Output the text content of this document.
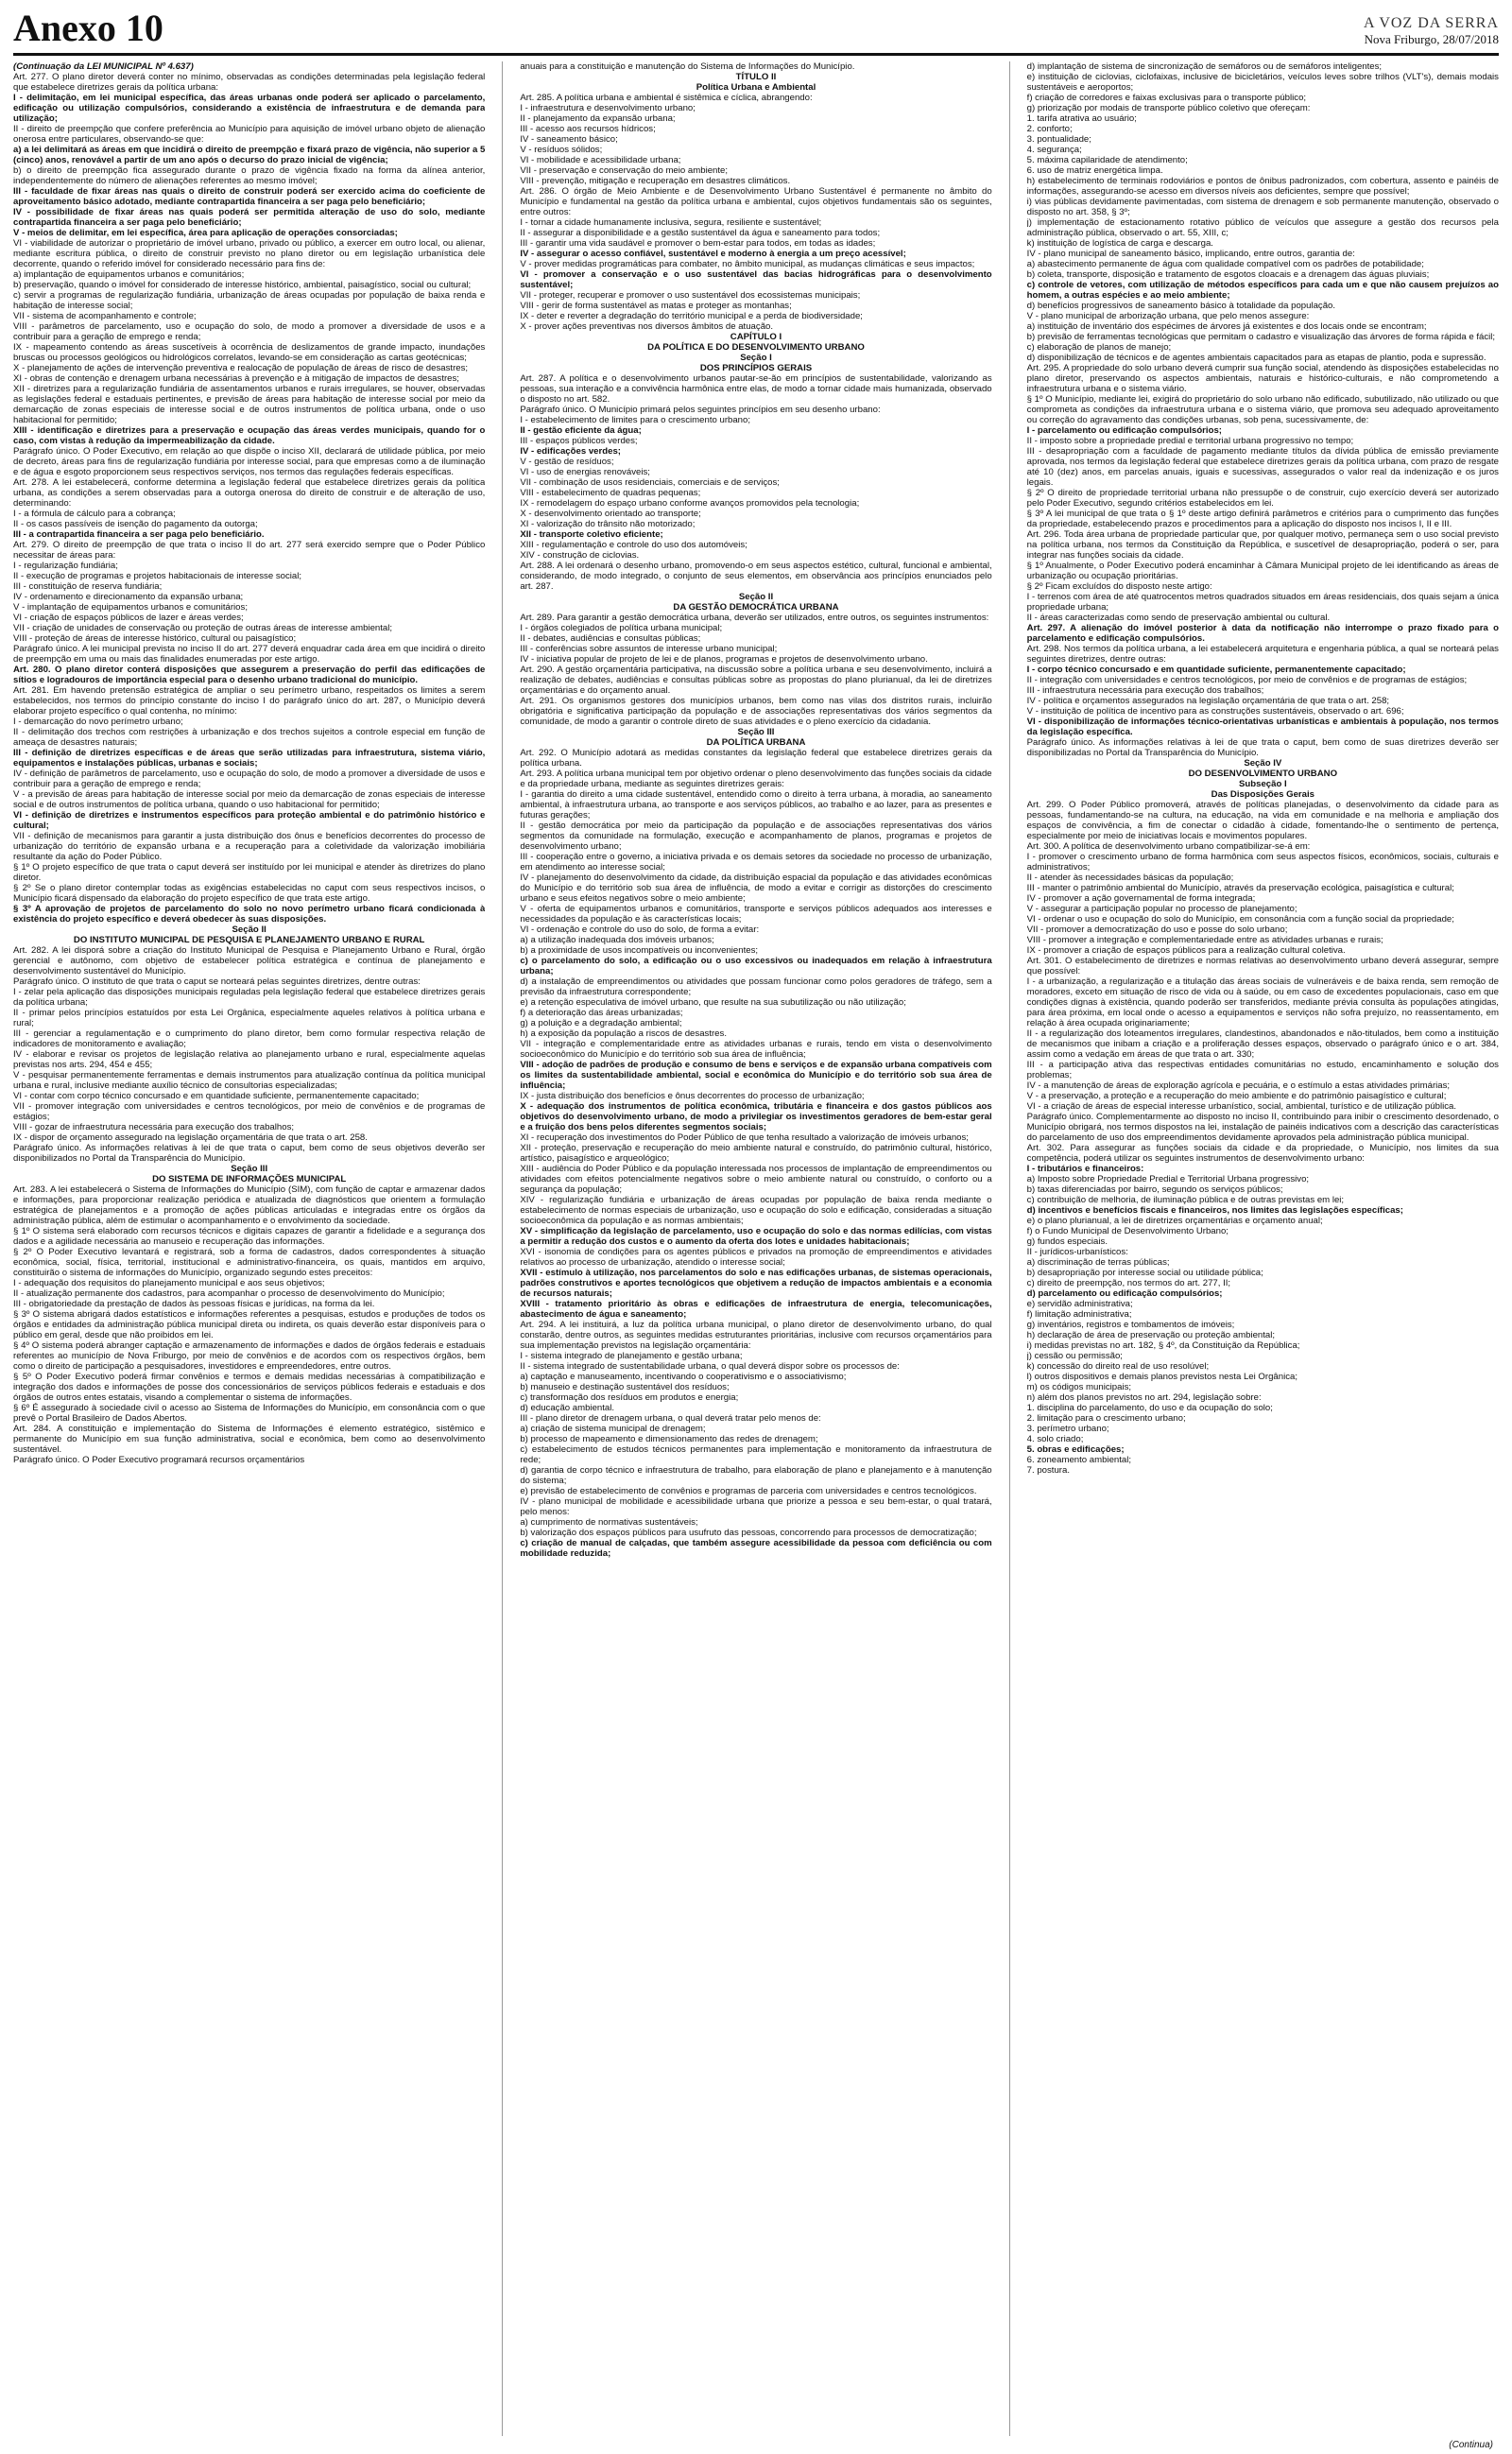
Anexo 10	A VOZ DA SERRA
Nova Friburgo, 28/07/2018

(Continuação da LEI MUNICIPAL Nº 4.637)

Art. 277. O plano diretor deverá conter no mínimo, observadas as condições determinadas pela legislação federal que estabelece diretrizes gerais da política urbana:

I - delimitação, em lei municipal específica, das áreas urbanas onde poderá ser aplicado o parcelamento, edificação ou utilização compulsórios, considerando a existência de infraestrutura e de demanda para utilização;

II - direito de preempção que confere preferência ao Município para aquisição de imóvel urbano objeto de alienação onerosa entre particulares, observando-se que:

a) a lei delimitará as áreas em que incidirá o direito de preempção e fixará prazo de vigência, não superior a 5 (cinco) anos, renovável a partir de um ano após o decurso do prazo inicial de vigência;

b) o direito de preempção fica assegurado durante o prazo de vigência fixado na forma da alínea anterior, independentemente do número de alienações referentes ao mesmo imóvel;

III - faculdade de fixar áreas nas quais o direito de construir poderá ser exercido acima do coeficiente de aproveitamento básico adotado, mediante contrapartida financeira a ser paga pelo beneficiário;

IV - possibilidade de fixar áreas nas quais poderá ser permitida alteração de uso do solo, mediante contrapartida financeira a ser paga pelo beneficiário;

V - meios de delimitar, em lei específica, área para aplicação de operações consorciadas;

VI - viabilidade de autorizar o proprietário de imóvel urbano, privado ou público, a exercer em outro local, ou alienar, mediante escritura pública, o direito de construir previsto no plano diretor ou em legislação urbanística dele decorrente, quando o referido imóvel for considerado necessário para fins de:

a) implantação de equipamentos urbanos e comunitários;

b) preservação, quando o imóvel for considerado de interesse histórico, ambiental, paisagístico, social ou cultural;

c) servir a programas de regularização fundiária, urbanização de áreas ocupadas por população de baixa renda e habitação de interesse social;

VII - sistema de acompanhamento e controle;

VIII - parâmetros de parcelamento, uso e ocupação do solo, de modo a promover a diversidade de usos e a contribuir para a geração de emprego e renda;

IX - mapeamento contendo as áreas suscetíveis à ocorrência de deslizamentos de grande impacto, inundações bruscas ou processos geológicos ou hidrológicos correlatos, levando-se em consideração as cartas geotécnicas;

X - planejamento de ações de intervenção preventiva e realocação de população de áreas de risco de desastres;

XI - obras de contenção e drenagem urbana necessárias à prevenção e à mitigação de impactos de desastres;

XII - diretrizes para a regularização fundiária de assentamentos urbanos e rurais irregulares, se houver, observadas as legislações federal e estaduais pertinentes, e previsão de áreas para habitação de interesse social por meio da demarcação de zonas especiais de interesse social e de outros instrumentos de política urbana, onde o uso habitacional for permitido;

XIII - identificação e diretrizes para a preservação e ocupação das áreas verdes municipais, quando for o caso, com vistas à redução da impermeabilização da cidade.

Parágrafo único. O Poder Executivo, em relação ao que dispõe o inciso XII, declarará de utilidade pública, por meio de decreto, áreas para fins de regularização fundiária por interesse social, para que empresas como a de iluminação e de água e esgoto proporcionem seus respectivos serviços, nos termos das regulações federais específicas.

Art. 278. A lei estabelecerá, conforme determina a legislação federal que estabelece diretrizes gerais da política urbana, as condições a serem observadas para a outorga onerosa do direito de construir e de alteração de uso, determinando:

I - a fórmula de cálculo para a cobrança;

II - os casos passíveis de isenção do pagamento da outorga;

III - a contrapartida financeira a ser paga pelo beneficiário.

Art. 279. O direito de preempção de que trata o inciso II do art. 277 será exercido sempre que o Poder Público necessitar de áreas para:

I - regularização fundiária;

II - execução de programas e projetos habitacionais de interesse social;

III - constituição de reserva fundiária;

IV - ordenamento e direcionamento da expansão urbana;

V - implantação de equipamentos urbanos e comunitários;

VI - criação de espaços públicos de lazer e áreas verdes;

VII - criação de unidades de conservação ou proteção de outras áreas de interesse ambiental;

VIII - proteção de áreas de interesse histórico, cultural ou paisagístico;

Parágrafo único. A lei municipal prevista no inciso II do art. 277 deverá enquadrar cada área em que incidirá o direito de preempção em uma ou mais das finalidades enumeradas por este artigo.

Art. 280. O plano diretor conterá disposições que assegurem a preservação do perfil das edificações de sítios e logradouros de importância especial para o desenho urbano tradicional do município.

Art. 281. Em havendo pretensão estratégica de ampliar o seu perímetro urbano, respeitados os limites a serem estabelecidos, nos termos do princípio constante do inciso I do parágrafo único do art. 287, o Município deverá elaborar projeto específico o qual contenha, no mínimo:

I - demarcação do novo perímetro urbano;

II - delimitação dos trechos com restrições à urbanização e dos trechos sujeitos a controle especial em função de ameaça de desastres naturais;

III - definição de diretrizes específicas e de áreas que serão utilizadas para infraestrutura, sistema viário, equipamentos e instalações públicas, urbanas e sociais;

IV - definição de parâmetros de parcelamento, uso e ocupação do solo, de modo a promover a diversidade de usos e contribuir para a geração de emprego e renda;

V - a previsão de áreas para habitação de interesse social por meio da demarcação de zonas especiais de interesse social e de outros instrumentos de política urbana, quando o uso habitacional for permitido;

VI - definição de diretrizes e instrumentos específicos para proteção ambiental e do patrimônio histórico e cultural;

VII - definição de mecanismos para garantir a justa distribuição dos ônus e benefícios decorrentes do processo de urbanização do território de expansão urbana e a recuperação para a coletividade da valorização imobiliária resultante da ação do Poder Público.

§ 1º O projeto específico de que trata o caput deverá ser instituído por lei municipal e atender às diretrizes do plano diretor.

§ 2º Se o plano diretor contemplar todas as exigências estabelecidas no caput com seus respectivos incisos, o Município ficará dispensado da elaboração do projeto específico de que trata este artigo.

§ 3º A aprovação de projetos de parcelamento do solo no novo perímetro urbano ficará condicionada à existência do projeto específico e deverá obedecer às suas disposições.

Seção II

DO INSTITUTO MUNICIPAL DE PESQUISA E PLANEJAMENTO URBANO E RURAL

Art. 282. A lei disporá sobre a criação do Instituto Municipal de Pesquisa e Planejamento Urbano e Rural, órgão gerencial e autônomo, com objetivo de estabelecer política estratégica e contínua de planejamento e desenvolvimento sustentável do Município.

Parágrafo único. O instituto de que trata o caput se norteará pelas seguintes diretrizes, dentre outras:

I - zelar pela aplicação das disposições municipais reguladas pela legislação federal que estabelece diretrizes gerais da política urbana;

II - primar pelos princípios estatuídos por esta Lei Orgânica, especialmente aqueles relativos à política urbana e rural;

III - gerenciar a regulamentação e o cumprimento do plano diretor, bem como formular respectiva relação de indicadores de monitoramento e avaliação;

IV - elaborar e revisar os projetos de legislação relativa ao planejamento urbano e rural, especialmente aquelas previstas nos arts. 294, 454 e 455;

V - pesquisar permanentemente ferramentas e demais instrumentos para atualização contínua da política municipal urbana e rural, inclusive mediante auxílio técnico de consultorias especializadas;

VI - contar com corpo técnico concursado e em quantidade suficiente, permanentemente capacitado;

VII - promover integração com universidades e centros tecnológicos, por meio de convênios e de programas de estágios;

VIII - gozar de infraestrutura necessária para execução dos trabalhos;

IX - dispor de orçamento assegurado na legislação orçamentária de que trata o art. 258.

Parágrafo único. As informações relativas à lei de que trata o caput, bem como de seus objetivos deverão ser disponibilizados no Portal da Transparência do Município.

Seção III

DO SISTEMA DE INFORMAÇÕES MUNICIPAL

Art. 283. A lei estabelecerá o Sistema de Informações do Município (SIM), com função de captar e armazenar dados e informações, para proporcionar realização periódica e atualizada de diagnósticos que orientem a formulação estratégica de planejamentos e a promoção de ações públicas articuladas e integradas entre os órgãos da administração pública, além de estimular o acompanhamento e o envolvimento da sociedade.

§ 1º O sistema será elaborado com recursos técnicos e digitais capazes de garantir a fidelidade e a segurança dos dados e a agilidade necessária ao manuseio e recuperação das informações.

§ 2º O Poder Executivo levantará e registrará, sob a forma de cadastros, dados correspondentes à situação econômica, social, física, territorial, institucional e administrativo-financeira, os quais, mantidos em arquivo, constituirão o sistema de informações do Município, organizado segundo estes preceitos:

I - adequação dos requisitos do planejamento municipal e aos seus objetivos;

II - atualização permanente dos cadastros, para acompanhar o processo de desenvolvimento do Município;

III - obrigatoriedade da prestação de dados às pessoas físicas e jurídicas, na forma da lei.

§ 3º O sistema abrigará dados estatísticos e informações referentes a pesquisas, estudos e produções de todos os órgãos e entidades da administração pública municipal direta ou indireta, os quais deverão estar disponíveis para o público em geral, desde que não proibidos em lei.

§ 4º O sistema poderá abranger captação e armazenamento de informações e dados de órgãos federais e estaduais referentes ao município de Nova Friburgo, por meio de convênios e de acordos com os respectivos órgãos, bem como o direito de participação a pesquisadores, investidores e empreendedores, entre outros.

§ 5º O Poder Executivo poderá firmar convênios e termos e demais medidas necessárias à compatibilização e integração dos dados e informações de posse dos concessionários de serviços públicos federais e estaduais e dos órgãos de outros entes estatais, visando a complementar o sistema de informações.

§ 6º É assegurado à sociedade civil o acesso ao Sistema de Informações do Município, em consonância com o que prevê o Portal Brasileiro de Dados Abertos.

Art. 284. A constituição e implementação do Sistema de Informações é elemento estratégico, sistêmico e permanente do Município em sua função administrativa, social e econômica, bem como ao desenvolvimento sustentável.

Parágrafo único. O Poder Executivo programará recursos orçamentários

anuais para a constituição e manutenção do Sistema de Informações do Município.

TÍTULO II

Política Urbana e Ambiental

Art. 285. A política urbana e ambiental é sistêmica e cíclica, abrangendo:

I - infraestrutura e desenvolvimento urbano;

II - planejamento da expansão urbana;

III - acesso aos recursos hídricos;

IV - saneamento básico;

V - resíduos sólidos;

VI - mobilidade e acessibilidade urbana;

VII - preservação e conservação do meio ambiente;

VIII - prevenção, mitigação e recuperação em desastres climáticos.

Art. 286. O órgão de Meio Ambiente e de Desenvolvimento Urbano Sustentável é permanente no âmbito do Município e fundamental na gestão da política urbana e ambiental, cujos objetivos fundamentais são os seguintes, entre outros:

I - tornar a cidade humanamente inclusiva, segura, resiliente e sustentável;

II - assegurar a disponibilidade e a gestão sustentável da água e saneamento para todos;

III - garantir uma vida saudável e promover o bem-estar para todos, em todas as idades;

IV - assegurar o acesso confiável, sustentável e moderno à energia a um preço acessível;

V - prover medidas programáticas para combater, no âmbito municipal, as mudanças climáticas e seus impactos;

VI - promover a conservação e o uso sustentável das bacias hidrográficas para o desenvolvimento sustentável;

VII - proteger, recuperar e promover o uso sustentável dos ecossistemas municipais;

VIII - gerir de forma sustentável as matas e proteger as montanhas;

IX - deter e reverter a degradação do território municipal e a perda de biodiversidade;

X - prover ações preventivas nos diversos âmbitos de atuação.

CAPÍTULO I

DA POLÍTICA E DO DESENVOLVIMENTO URBANO

Seção I

DOS PRINCÍPIOS GERAIS

Art. 287. A política e o desenvolvimento urbanos pautar-se-ão em princípios de sustentabilidade, valorizando as pessoas, sua interação e a convivência harmônica entre elas, de modo a tornar cidade mais humanizada, observado o disposto no art. 582.

Parágrafo único. O Município primará pelos seguintes princípios em seu desenho urbano:

I - estabelecimento de limites para o crescimento urbano;

II - gestão eficiente da água;

III - espaços públicos verdes;

IV - edificações verdes;

V - gestão de resíduos;

VI - uso de energias renováveis;

VII - combinação de usos residenciais, comerciais e de serviços;

VIII - estabelecimento de quadras pequenas;

IX - remodelagem do espaço urbano conforme avanços promovidos pela tecnologia;

X - desenvolvimento orientado ao transporte;

XI - valorização do trânsito não motorizado;

XII - transporte coletivo eficiente;

XIII - regulamentação e controle do uso dos automóveis;

XIV - construção de ciclovias.

Art. 288. A lei ordenará o desenho urbano, promovendo-o em seus aspectos estético, cultural, funcional e ambiental, considerando, de modo integrado, o conjunto de seus elementos, em observância aos princípios enunciados pelo art. 287.

Seção II

DA GESTÃO DEMOCRÁTICA URBANA

Art. 289. Para garantir a gestão democrática urbana, deverão ser utilizados, entre outros, os seguintes instrumentos:

I - órgãos colegiados de política urbana municipal;

II - debates, audiências e consultas públicas;

III - conferências sobre assuntos de interesse urbano municipal;

IV - iniciativa popular de projeto de lei e de planos, programas e projetos de desenvolvimento urbano.

Art. 290. A gestão orçamentária participativa, na discussão sobre a política urbana e seu desenvolvimento, incluirá a realização de debates, audiências e consultas públicas sobre as propostas do plano plurianual, da lei de diretrizes orçamentárias e do orçamento anual.

Art. 291. Os organismos gestores dos municípios urbanos, bem como nas vilas dos distritos rurais, incluirão obrigatória e significativa participação da população e de associações representativas dos vários segmentos da comunidade, de modo a garantir o controle direto de suas atividades e o pleno exercício da cidadania.

Seção III

DA POLÍTICA URBANA

Art. 292. O Município adotará as medidas constantes da legislação federal que estabelece diretrizes gerais da política urbana.

Art. 293. A política urbana municipal tem por objetivo ordenar o pleno desenvolvimento das funções sociais da cidade e da propriedade urbana, mediante as seguintes diretrizes gerais:

I - garantia do direito a uma cidade sustentável, entendido como o direito à terra urbana, à moradia, ao saneamento ambiental, à infraestrutura urbana, ao transporte e aos serviços públicos, ao trabalho e ao lazer, para as presentes e futuras gerações;

II - gestão democrática por meio da participação da população e de associações representativas dos vários segmentos da comunidade na formulação, execução e acompanhamento de planos, programas e projetos de desenvolvimento urbano;

III - cooperação entre o governo, a iniciativa privada e os demais setores da sociedade no processo de urbanização, em atendimento ao interesse social;

IV - planejamento do desenvolvimento da cidade, da distribuição espacial da população e das atividades econômicas do Município e do território sob sua área de influência, de modo a evitar e corrigir as distorções do crescimento urbano e seus efeitos negativos sobre o meio ambiente;

V - oferta de equipamentos urbanos e comunitários, transporte e serviços públicos adequados aos interesses e necessidades da população e às características locais;

VI - ordenação e controle do uso do solo, de forma a evitar:

a) a utilização inadequada dos imóveis urbanos;

b) a proximidade de usos incompatíveis ou inconvenientes;

c) o parcelamento do solo, a edificação ou o uso excessivos ou inadequados em relação à infraestrutura urbana;

d) a instalação de empreendimentos ou atividades que possam funcionar como polos geradores de tráfego, sem a previsão da infraestrutura correspondente;

e) a retenção especulativa de imóvel urbano, que resulte na sua subutilização ou não utilização;

f) a deterioração das áreas urbanizadas;

g) a poluição e a degradação ambiental;

h) a exposição da população a riscos de desastres.

VII - integração e complementaridade entre as atividades urbanas e rurais, tendo em vista o desenvolvimento socioeconômico do Município e do território sob sua área de influência;

VIII - adoção de padrões de produção e consumo de bens e serviços e de expansão urbana compatíveis com os limites da sustentabilidade ambiental, social e econômica do Município e do território sob sua área de influência;

IX - justa distribuição dos benefícios e ônus decorrentes do processo de urbanização;

X - adequação dos instrumentos de política econômica, tributária e financeira e dos gastos públicos aos objetivos do desenvolvimento urbano, de modo a privilegiar os investimentos geradores de bem-estar geral e a fruição dos bens pelos diferentes segmentos sociais;

XI - recuperação dos investimentos do Poder Público de que tenha resultado a valorização de imóveis urbanos;

XII - proteção, preservação e recuperação do meio ambiente natural e construído, do patrimônio cultural, histórico, artístico, paisagístico e arqueológico;

XIII - audiência do Poder Público e da população interessada nos processos de implantação de empreendimentos ou atividades com efeitos potencialmente negativos sobre o meio ambiente natural ou construído, o conforto ou a segurança da população;

XIV - regularização fundiária e urbanização de áreas ocupadas por população de baixa renda mediante o estabelecimento de normas especiais de urbanização, uso e ocupação do solo e edificação, consideradas a situação socioeconômica da população e as normas ambientais;

XV - simplificação da legislação de parcelamento, uso e ocupação do solo e das normas edilícias, com vistas a permitir a redução dos custos e o aumento da oferta dos lotes e unidades habitacionais;

XVI - isonomia de condições para os agentes públicos e privados na promoção de empreendimentos e atividades relativos ao processo de urbanização, atendido o interesse social;

XVII - estímulo à utilização, nos parcelamentos do solo e nas edificações urbanas, de sistemas operacionais, padrões construtivos e aportes tecnológicos que objetivem a redução de impactos ambientais e a economia de recursos naturais;

XVIII - tratamento prioritário às obras e edificações de infraestrutura de energia, telecomunicações, abastecimento de água e saneamento;

Art. 294. A lei instituirá, a luz da política urbana municipal, o plano diretor de desenvolvimento urbano, do qual constarão, dentre outros, as seguintes medidas estruturantes prioritárias, inclusive com recursos orçamentários para sua implementação previstos na legislação orçamentária:

I - sistema integrado de planejamento e gestão urbana;

II - sistema integrado de sustentabilidade urbana, o qual deverá dispor sobre os processos de:

a) captação e manuseamento, incentivando o cooperativismo e o associativismo;

b) manuseio e destinação sustentável dos resíduos;

c) transformação dos resíduos em produtos e energia;

d) educação ambiental.

III - plano diretor de drenagem urbana, o qual deverá tratar pelo menos de:

a) criação de sistema municipal de drenagem;

b) processo de mapeamento e dimensionamento das redes de drenagem;

c) estabelecimento de estudos técnicos permanentes para implementação e monitoramento da infraestrutura de rede;

d) garantia de corpo técnico e infraestrutura de trabalho, para elaboração de plano e planejamento e à manutenção do sistema;

e) previsão de estabelecimento de convênios e programas de parceria com universidades e centros tecnológicos.

IV - plano municipal de mobilidade e acessibilidade urbana que priorize a pessoa e seu bem-estar, o qual tratará, pelo menos:

a) cumprimento de normativas sustentáveis;

b) valorização dos espaços públicos para usufruto das pessoas, concorrendo para processos de democratização;

c) criação de manual de calçadas, que também assegure acessibilidade da pessoa com deficiência ou com mobilidade reduzida;

d) implantação de sistema de sincronização de semáforos ou de semáforos inteligentes;

e) instituição de ciclovias, ciclofaixas, inclusive de bicicletários, veículos leves sobre trilhos (VLT's), demais modais sustentáveis e aeroportos;

f) criação de corredores e faixas exclusivas para o transporte público;

g) priorização por modais de transporte público coletivo que ofereçam:

1. tarifa atrativa ao usuário;

2. conforto;

3. pontualidade;

4. segurança;

5. máxima capilaridade de atendimento;

6. uso de matriz energética limpa.

h) estabelecimento de terminais rodoviários e pontos de ônibus padronizados, com cobertura, assento e painéis de informações, assegurando-se acesso em diversos níveis aos deficientes, sempre que possível;

i) vias públicas devidamente pavimentadas, com sistema de drenagem e sob permanente manutenção, observado o disposto no art. 358, § 3º;

j) implementação de estacionamento rotativo público de veículos que assegure a gestão dos recursos pela administração pública, observado o art. 55, XIII, c;

k) instituição de logística de carga e descarga.

IV - plano municipal de saneamento básico, implicando, entre outros, garantia de:

a) abastecimento permanente de água com qualidade compatível com os padrões de potabilidade;

b) coleta, transporte, disposição e tratamento de esgotos cloacais e a drenagem das águas pluviais;

c) controle de vetores, com utilização de métodos específicos para cada um e que não causem prejuízos ao homem, a outras espécies e ao meio ambiente;

d) benefícios progressivos de saneamento básico à totalidade da população.

V - plano municipal de arborização urbana, que pelo menos assegure:

a) instituição de inventário dos espécimes de árvores já existentes e dos locais onde se encontram;

b) previsão de ferramentas tecnológicas que permitam o cadastro e visualização das árvores de forma rápida e fácil;

c) elaboração de planos de manejo;

d) disponibilização de técnicos e de agentes ambientais capacitados para as etapas de plantio, poda e supressão.

Art. 295. A propriedade do solo urbano deverá cumprir sua função social, atendendo às disposições estabelecidas no plano diretor, preservando os aspectos ambientais, naturais e histórico-culturais, e não comprometendo a infraestrutura urbana e o sistema viário.

§ 1º O Município, mediante lei, exigirá do proprietário do solo urbano não edificado, subutilizado, não utilizado ou que comprometa as condições da infraestrutura urbana e o sistema viário, que promova seu adequado aproveitamento ou correção do agravamento das condições urbanas, sob pena, sucessivamente, de:

I - parcelamento ou edificação compulsórios;

II - imposto sobre a propriedade predial e territorial urbana progressivo no tempo;

III - desapropriação com a faculdade de pagamento mediante títulos da dívida pública de emissão previamente aprovada, nos termos da legislação federal que estabelece diretrizes gerais da política urbana, com prazo de resgate até 10 (dez) anos, em parcelas anuais, iguais e sucessivas, assegurados o valor real da indenização e os juros legais.

§ 2º O direito de propriedade territorial urbana não pressupõe o de construir, cujo exercício deverá ser autorizado pelo Poder Executivo, segundo critérios estabelecidos em lei.

§ 3º A lei municipal de que trata o § 1º deste artigo definirá parâmetros e critérios para o cumprimento das funções da propriedade, estabelecendo prazos e procedimentos para a aplicação do disposto nos incisos I, II e III.

Art. 296. Toda área urbana de propriedade particular que, por qualquer motivo, permaneça sem o uso social previsto na política urbana, nos termos da Constituição da República, e suscetível de desapropriação, poderá o ser, para integrar nas funções sociais da cidade.

§ 1º Anualmente, o Poder Executivo poderá encaminhar à Câmara Municipal projeto de lei identificando as áreas de urbanização ou ocupação prioritárias.

§ 2º Ficam excluídos do disposto neste artigo:

I - terrenos com área de até quatrocentos metros quadrados situados em áreas residenciais, dos quais sejam a única propriedade urbana;

II - áreas caracterizadas como sendo de preservação ambiental ou cultural.

Art. 297. A alienação do imóvel posterior à data da notificação não interrompe o prazo fixado para o parcelamento e edificação compulsórios.

Art. 298. Nos termos da política urbana, a lei estabelecerá arquitetura e engenharia pública, a qual se norteará pelas seguintes diretrizes, dentre outras:

I - corpo técnico concursado e em quantidade suficiente, permanentemente capacitado;

II - integração com universidades e centros tecnológicos, por meio de convênios e de programas de estágios;

III - infraestrutura necessária para execução dos trabalhos;

IV - política e orçamentos assegurados na legislação orçamentária de que trata o art. 258;

V - instituição de política de incentivo para as construções sustentáveis, observado o art. 696;

VI - disponibilização de informações técnico-orientativas urbanísticas e ambientais à população, nos termos da legislação específica.

Parágrafo único. As informações relativas à lei de que trata o caput, bem como de suas diretrizes deverão ser disponibilizadas no Portal da Transparência do Município.

Seção IV

DO DESENVOLVIMENTO URBANO

Subseção I

Das Disposições Gerais

Art. 299. O Poder Público promoverá, através de políticas planejadas, o desenvolvimento da cidade para as pessoas, fundamentando-se na cultura, na educação, na vida em comunidade e na melhoria e ampliação dos espaços de convivência, a fim de conectar o cidadão à cidade, fomentando-lhe o sentimento de pertença, especialmente por meio de iniciativas locais e movimentos populares.

Art. 300. A política de desenvolvimento urbano compatibilizar-se-á em:

I - promover o crescimento urbano de forma harmônica com seus aspectos físicos, econômicos, sociais, culturais e administrativos;

II - atender às necessidades básicas da população;

III - manter o patrimônio ambiental do Município, através da preservação ecológica, paisagística e cultural;

IV - promover a ação governamental de forma integrada;

V - assegurar a participação popular no processo de planejamento;

VI - ordenar o uso e ocupação do solo do Município, em consonância com a função social da propriedade;

VII - promover a democratização do uso e posse do solo urbano;

VIII - promover a integração e complementariedade entre as atividades urbanas e rurais;

IX - promover a criação de espaços públicos para a realização cultural coletiva.

Art. 301. O estabelecimento de diretrizes e normas relativas ao desenvolvimento urbano deverá assegurar, sempre que possível:

I - a urbanização, a regularização e a titulação das áreas sociais de vulneráveis e de baixa renda, sem remoção de moradores, exceto em situação de risco de vida ou à saúde, ou em caso de excedentes populacionais, caso em que condições dignas à existência, quando poderão ser transferidos, mediante prévia consulta às populações atingidas, para área próxima, em local onde o acesso a equipamentos e serviços não sofra prejuízo, no reassentamento, em relação à área ocupada originariamente;

II - a regularização dos loteamentos irregulares, clandestinos, abandonados e não-titulados, bem como a instituição de mecanismos que inibam a criação e a proliferação desses espaços, observado o parágrafo único e o art. 384, assim como a vedação em áreas de que trata o art. 330;

III - a participação ativa das respectivas entidades comunitárias no estudo, encaminhamento e solução dos problemas;

IV - a manutenção de áreas de exploração agrícola e pecuária, e o estímulo a estas atividades primárias;

V - a preservação, a proteção e a recuperação do meio ambiente e do patrimônio paisagístico e cultural;

VI - a criação de áreas de especial interesse urbanístico, social, ambiental, turístico e de utilização pública.

Parágrafo único. Complementarmente ao disposto no inciso II, contribuindo para inibir o crescimento desordenado, o Município obrigará, nos termos dispostos na lei, instalação de painéis indicativos com a descrição das características do parcelamento de uso dos empreendimentos devidamente aprovados pela administração pública municipal.

Art. 302. Para assegurar as funções sociais da cidade e da propriedade, o Município, nos limites da sua competência, poderá utilizar os seguintes instrumentos de desenvolvimento urbano:

I - tributários e financeiros:

a) Imposto sobre Propriedade Predial e Territorial Urbana progressivo;

b) taxas diferenciadas por bairro, segundo os serviços públicos;

c) contribuição de melhoria, de iluminação pública e de outras previstas em lei;

d) incentivos e benefícios fiscais e financeiros, nos limites das legislações específicas;

e) o plano plurianual, a lei de diretrizes orçamentárias e orçamento anual;

f) o Fundo Municipal de Desenvolvimento Urbano;

g) fundos especiais.

II - jurídicos-urbanísticos:

a) discriminação de terras públicas;

b) desapropriação por interesse social ou utilidade pública;

c) direito de preempção, nos termos do art. 277, II;

d) parcelamento ou edificação compulsórios;

e) servidão administrativa;

f) limitação administrativa;

g) inventários, registros e tombamentos de imóveis;

h) declaração de área de preservação ou proteção ambiental;

i) medidas previstas no art. 182, § 4º, da Constituição da República;

j) cessão ou permissão;

k) concessão do direito real de uso resolúvel;

l) outros dispositivos e demais planos previstos nesta Lei Orgânica;

m) os códigos municipais;

n) além dos planos previstos no art. 294, legislação sobre:

1. disciplina do parcelamento, do uso e da ocupação do solo;

2. limitação para o crescimento urbano;

3. perímetro urbano;

4. solo criado;

5. obras e edificações;

6. zoneamento ambiental;

7. postura.

(Continua)
